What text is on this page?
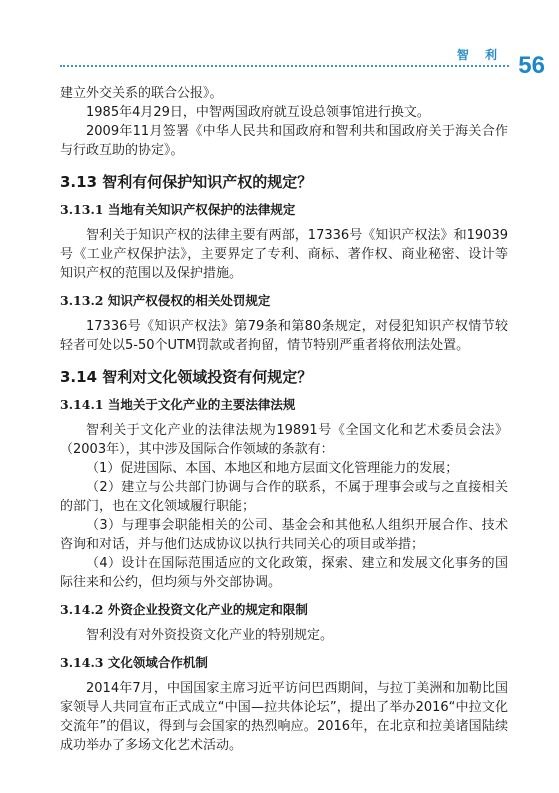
智 利 56

建立外交关系的联合公报》。

1985年4月29日，中智两国政府就互设总领事馆进行换文。

2009年11月签署《中华人民共和国政府和智利共和国政府关于海关合作与行政互助的协定》。

3.13 智利有何保护知识产权的规定？
3.13.1 当地有关知识产权保护的法律规定

智利关于知识产权的法律主要有两部，17336号《知识产权法》和19039号《工业产权保护法》，主要界定了专利、商标、著作权、商业秘密、设计等知识产权的范围以及保护措施。

3.13.2 知识产权侵权的相关处罚规定

17336号《知识产权法》第79条和第80条规定，对侵犯知识产权情节较轻者可处以5-50个UTM罚款或者拘留，情节特别严重者将依刑法处置。

3.14 智利对文化领域投资有何规定？
3.14.1 当地关于文化产业的主要法律法规

智利关于文化产业的法律法规为19891号《全国文化和艺术委员会法》（2003年），其中涉及国际合作领域的条款有：

（1）促进国际、本国、本地区和地方层面文化管理能力的发展；

（2）建立与公共部门协调与合作的联系，不属于理事会或与之直接相关的部门，也在文化领域履行职能；

（3）与理事会职能相关的公司、基金会和其他私人组织开展合作、技术咨询和对话，并与他们达成协议以执行共同关心的项目或举措；

（4）设计在国际范围适应的文化政策，探索、建立和发展文化事务的国际往来和公约，但均须与外交部协调。

3.14.2 外资企业投资文化产业的规定和限制

智利没有对外资投资文化产业的特别规定。

3.14.3 文化领域合作机制

2014年7月，中国国家主席习近平访问巴西期间，与拉丁美洲和加勒比国家领导人共同宣布正式成立“中国—拉共体论坛”，提出了举办2016“中拉文化交流年”的倡议，得到与会国家的热烈响应。2016年，在北京和拉美诸国陆续成功举办了多场文化艺术活动。
